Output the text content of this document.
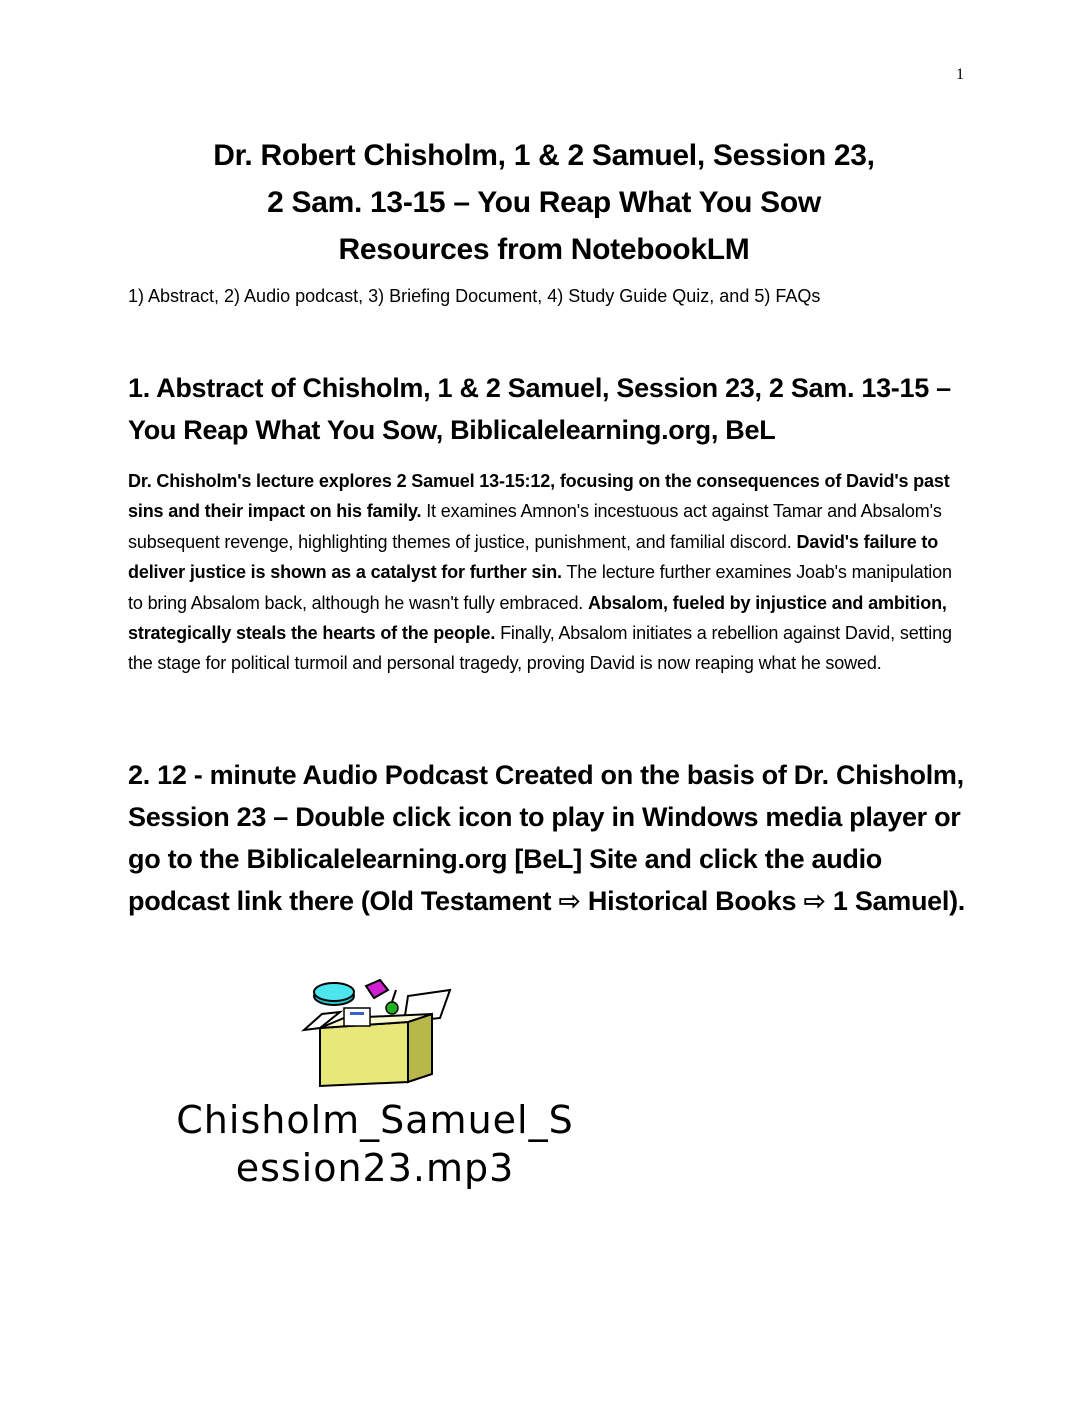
1
Dr. Robert Chisholm, 1 & 2 Samuel, Session 23,
2 Sam. 13-15 – You Reap What You Sow
Resources from NotebookLM
1) Abstract, 2) Audio podcast, 3) Briefing Document, 4) Study Guide Quiz, and 5) FAQs
1. Abstract of Chisholm, 1 & 2 Samuel, Session 23, 2 Sam. 13-15 – You Reap What You Sow, Biblicalelearning.org, BeL
Dr. Chisholm's lecture explores 2 Samuel 13-15:12, focusing on the consequences of David's past sins and their impact on his family. It examines Amnon's incestuous act against Tamar and Absalom's subsequent revenge, highlighting themes of justice, punishment, and familial discord. David's failure to deliver justice is shown as a catalyst for further sin. The lecture further examines Joab's manipulation to bring Absalom back, although he wasn't fully embraced. Absalom, fueled by injustice and ambition, strategically steals the hearts of the people. Finally, Absalom initiates a rebellion against David, setting the stage for political turmoil and personal tragedy, proving David is now reaping what he sowed.
2. 12 - minute Audio Podcast Created on the basis of Dr. Chisholm, Session 23 – Double click icon to play in Windows media player or go to the Biblicalelearning.org [BeL] Site and click the audio podcast link there (Old Testament ⇨ Historical Books ⇨ 1 Samuel).
Chisholm_Samuel_S
ession23.mp3
